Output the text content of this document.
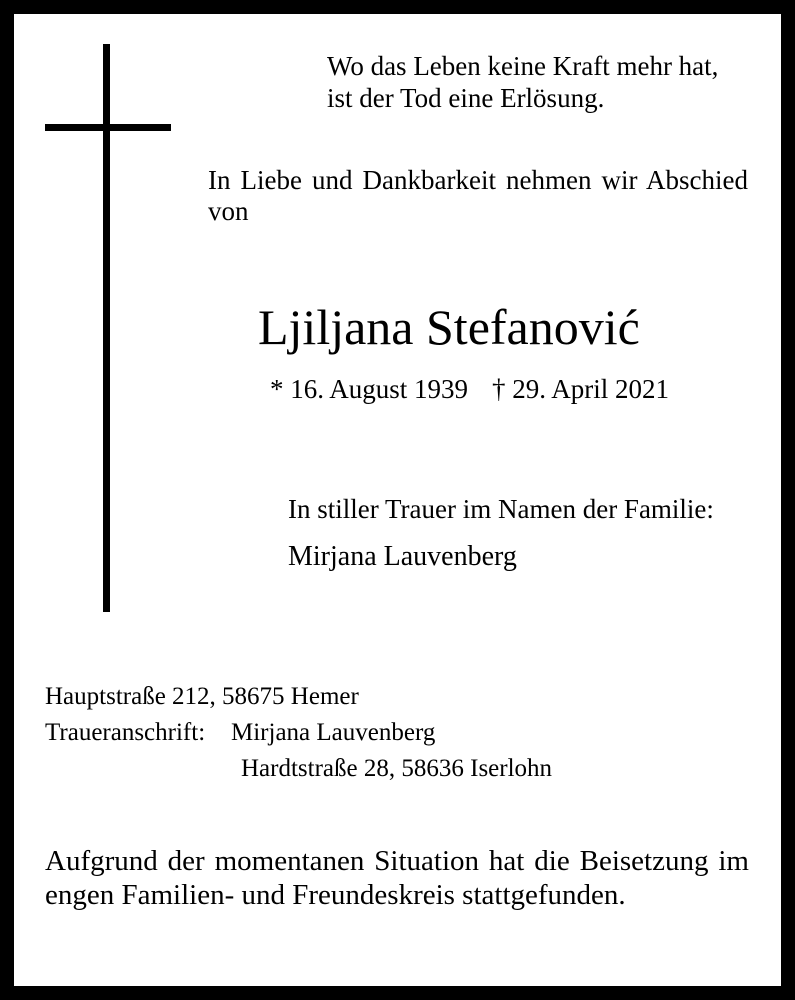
Wo das Leben keine Kraft mehr hat,
ist der Tod eine Erlösung.

In Liebe und Dankbarkeit nehmen wir Abschied von

Ljiljana Stefanović
* 16. August 1939 † 29. April 2021
In stiller Trauer im Namen der Familie:
Mirjana Lauvenberg
Hauptstraße 212, 58675 Hemer
Traueranschrift: Mirjana Lauvenberg
Hardtstraße 28, 58636 Iserlohn

Aufgrund der momentanen Situation hat die Beisetzung im engen Familien- und Freundeskreis stattgefunden.
